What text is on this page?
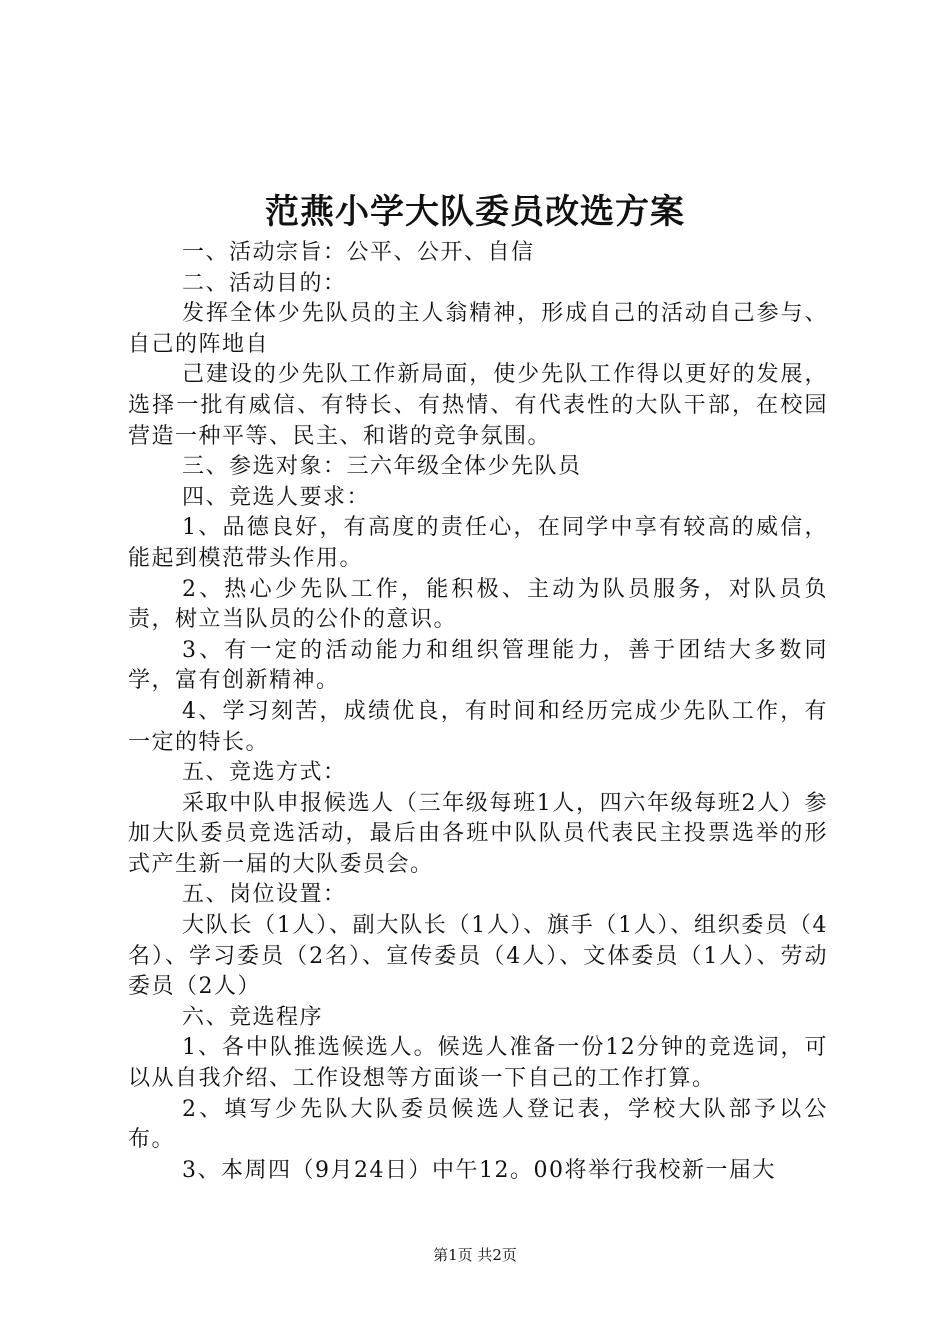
范燕小学大队委员改选方案

一、活动宗旨：公平、公开、自信

二、活动目的：

发挥全体少先队员的主人翁精神，形成自己的活动自己参与、自己的阵地自

己建设的少先队工作新局面，使少先队工作得以更好的发展，选择一批有威信、有特长、有热情、有代表性的大队干部，在校园营造一种平等、民主、和谐的竞争氛围。

三、参选对象：三六年级全体少先队员

四、竞选人要求：

1、品德良好，有高度的责任心，在同学中享有较高的威信，能起到模范带头作用。

2、热心少先队工作，能积极、主动为队员服务，对队员负责，树立当队员的公仆的意识。

3、有一定的活动能力和组织管理能力，善于团结大多数同学，富有创新精神。

4、学习刻苦，成绩优良，有时间和经历完成少先队工作，有一定的特长。

五、竞选方式：

采取中队申报候选人（三年级每班1人，四六年级每班2人）参加大队委员竞选活动，最后由各班中队队员代表民主投票选举的形式产生新一届的大队委员会。

五、岗位设置：

大队长（1人）、副大队长（1人）、旗手（1人）、组织委员（4名）、学习委员（2名）、宣传委员（4人）、文体委员（1人）、劳动委员（2人）

六、竞选程序

1、各中队推选候选人。候选人准备一份12分钟的竞选词，可以从自我介绍、工作设想等方面谈一下自己的工作打算。

2、填写少先队大队委员候选人登记表，学校大队部予以公布。

3、本周四（9月24日）中午12。00将举行我校新一届大

第1页 共2页
